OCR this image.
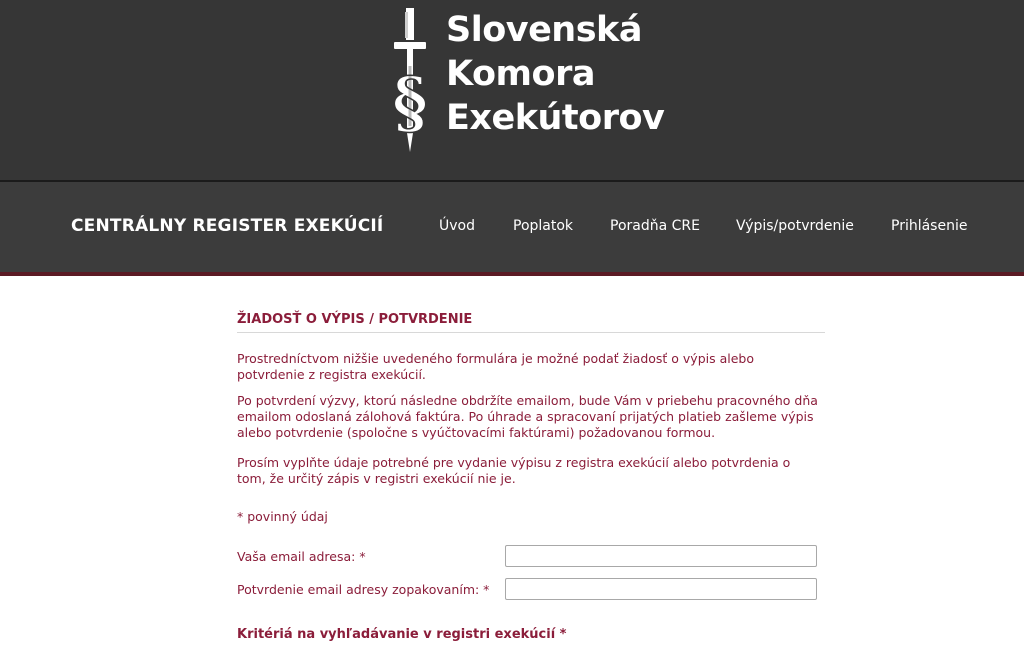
§
Slovenská
Komora
Exekútorov
CENTRÁLNY REGISTER EXEKÚCIÍ	Úvod	Poplatok	Poradňa CRE	Výpis/potvrdenie	Prihlásenie
ŽIADOSŤ O VÝPIS / POTVRDENIE
Prostredníctvom nižšie uvedeného formulára je možné podať žiadosť o výpis alebo potvrdenie z registra exekúcií.
Po potvrdení výzvy, ktorú následne obdržíte emailom, bude Vám v priebehu pracovného dňa emailom odoslaná zálohová faktúra. Po úhrade a spracovaní prijatých platieb zašleme výpis alebo potvrdenie (spoločne s vyúčtovacími faktúrami) požadovanou formou.
Prosím vyplňte údaje potrebné pre vydanie výpisu z registra exekúcií alebo potvrdenia o tom, že určitý zápis v registri exekúcií nie je.
* povinný údaj
Vaša email adresa: *
Potvrdenie email adresy zopakovaním: *
Kritériá na vyhľadávanie v registri exekúcií *
